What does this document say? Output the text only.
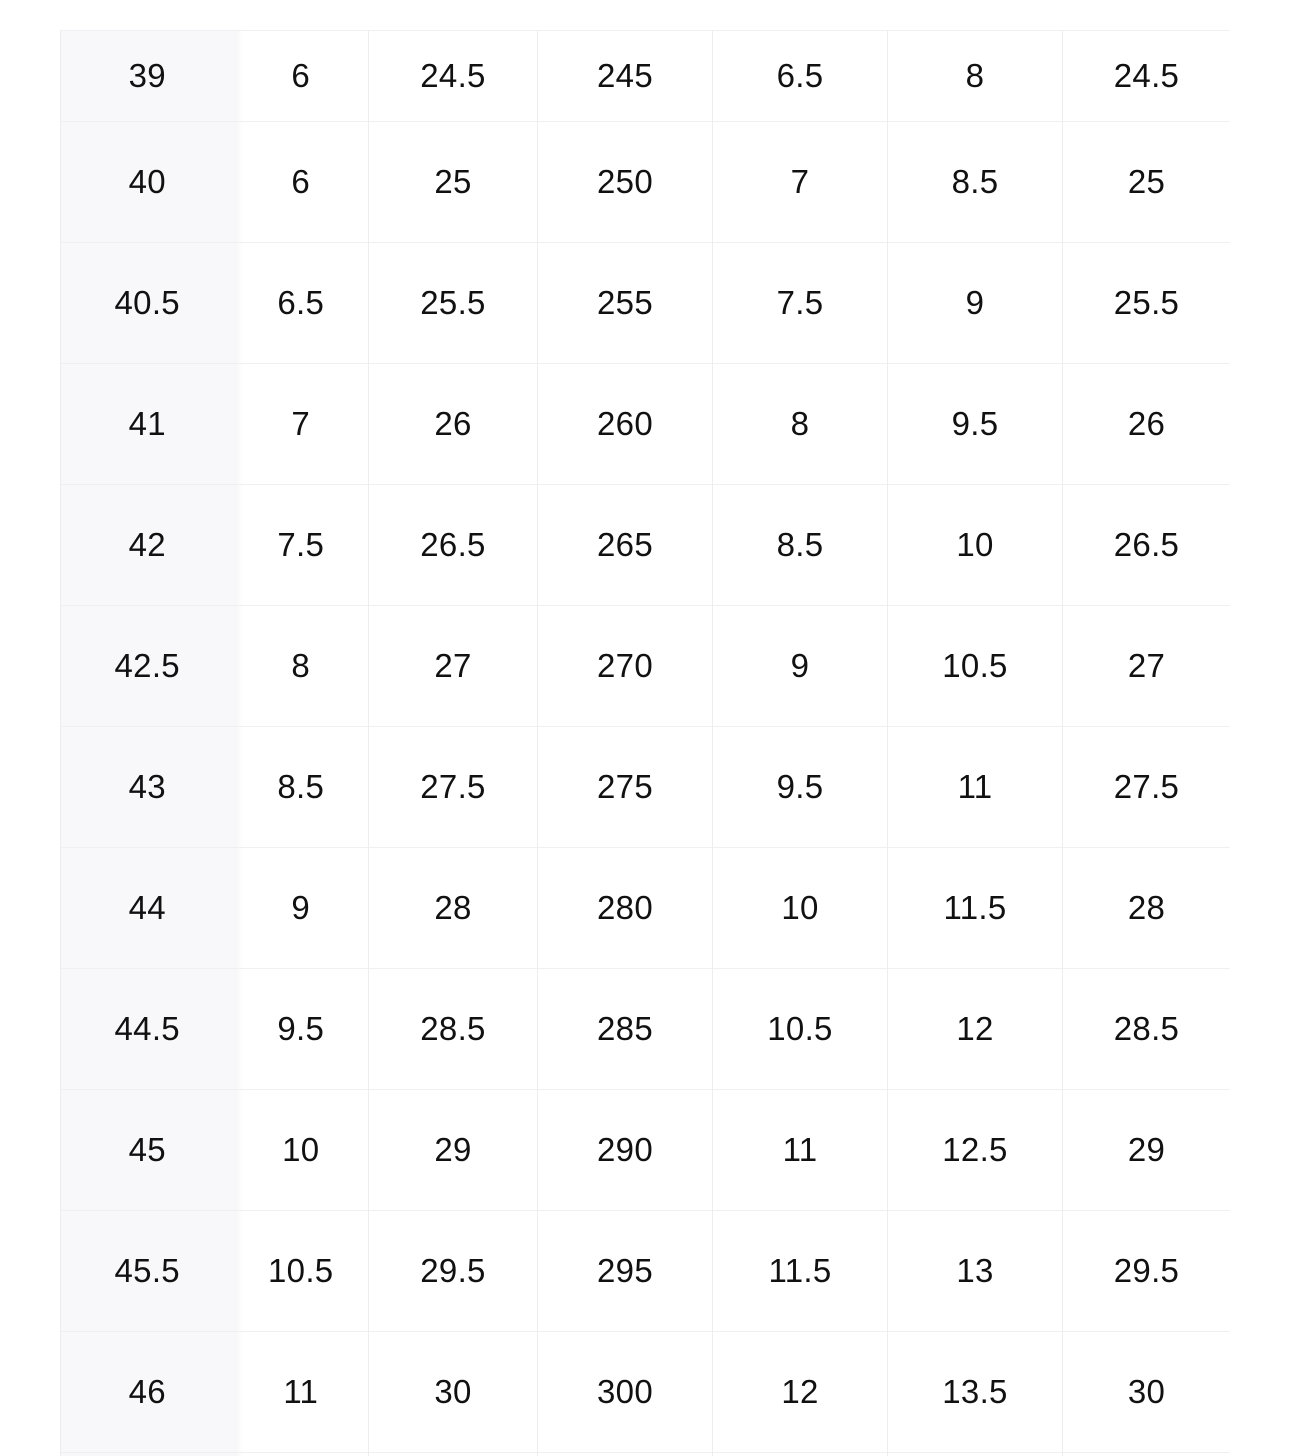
39	6	24.5	245	6.5	8	24.5
40	6	25	250	7	8.5	25
40.5	6.5	25.5	255	7.5	9	25.5
41	7	26	260	8	9.5	26
42	7.5	26.5	265	8.5	10	26.5
42.5	8	27	270	9	10.5	27
43	8.5	27.5	275	9.5	11	27.5
44	9	28	280	10	11.5	28
44.5	9.5	28.5	285	10.5	12	28.5
45	10	29	290	11	12.5	29
45.5	10.5	29.5	295	11.5	13	29.5
46	11	30	300	12	13.5	30
